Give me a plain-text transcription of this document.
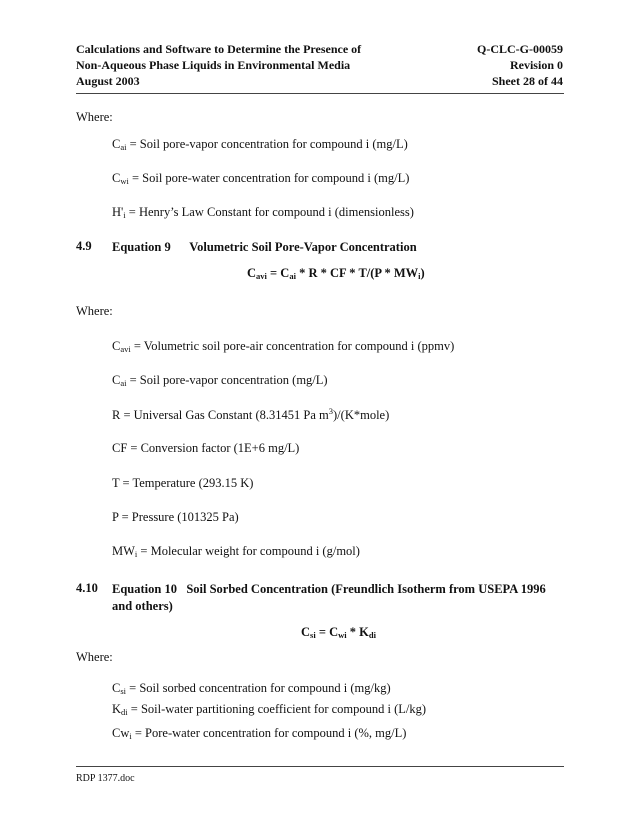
Calculations and Software to Determine the Presence of
Non-Aqueous Phase Liquids in Environmental Media
August 2003
Q-CLC-G-00059
Revision 0
Sheet 28 of 44
Where:
$C_{ai}$ = Soil pore-vapor concentration for compound i (mg/L)
$C_{wi}$ = Soil pore-water concentration for compound i (mg/L)
$H'_i$ = Henry’s Law Constant for compound i (dimensionless)
4.9 Equation 9      Volumetric Soil Pore-Vapor Concentration
$C_{avi} = C_{ai} * R$ * CF * $T/(P * MW_i)$
Where:
$C_{avi}$ = Volumetric soil pore-air concentration for compound i (ppmv)
$C_{ai}$ = Soil pore-vapor concentration (mg/L)
R = Universal Gas Constant (8.31451 Pa $m^3)/(K*mole)$
CF = Conversion factor (1E+6 mg/L)
T = Temperature (293.15 K)
P = Pressure (101325 Pa)
$MW_i$ = Molecular weight for compound i (g/mol)
4.10 Equation 10   Soil Sorbed Concentration (Freundlich Isotherm from USEPA 1996
and others)
$C_{si} = C_{wi} * K_{di}$
Where:
$C_{si}$ = Soil sorbed concentration for compound i (mg/kg)
$K_{di}$ = Soil-water partitioning coefficient for compound i (L/kg)
$Cw_i$ = Pore-water concentration for compound i (%, mg/L)
RDP 1377.doc
